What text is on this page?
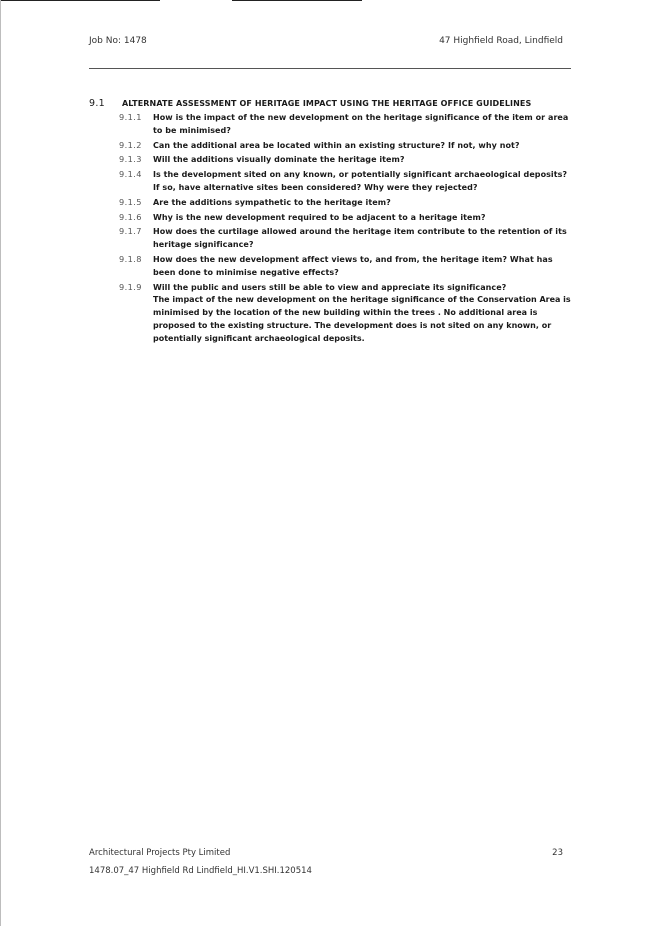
Job No: 1478	47 Highfield Road, Lindfield
9.1 ALTERNATE ASSESSMENT OF HERITAGE IMPACT USING THE HERITAGE OFFICE GUIDELINES
9.1.1 How is the impact of the new development on the heritage significance of the item or area to be minimised?
9.1.2 Can the additional area be located within an existing structure? If not, why not?
9.1.3 Will the additions visually dominate the heritage item?
9.1.4 Is the development sited on any known, or potentially significant archaeological deposits? If so, have alternative sites been considered? Why were they rejected?
9.1.5 Are the additions sympathetic to the heritage item?
9.1.6 Why is the new development required to be adjacent to a heritage item?
9.1.7 How does the curtilage allowed around the heritage item contribute to the retention of its heritage significance?
9.1.8 How does the new development affect views to, and from, the heritage item? What has been done to minimise negative effects?
9.1.9 Will the public and users still be able to view and appreciate its significance?
The impact of the new development on the heritage significance of the Conservation Area is minimised by the location of the new building within the trees . No additional area is proposed to the existing structure. The development does is not sited on any known, or potentially significant archaeological deposits.
Architectural Projects Pty Limited	23
1478.07_47 Highfield Rd Lindfield_HI.V1.SHI.120514
